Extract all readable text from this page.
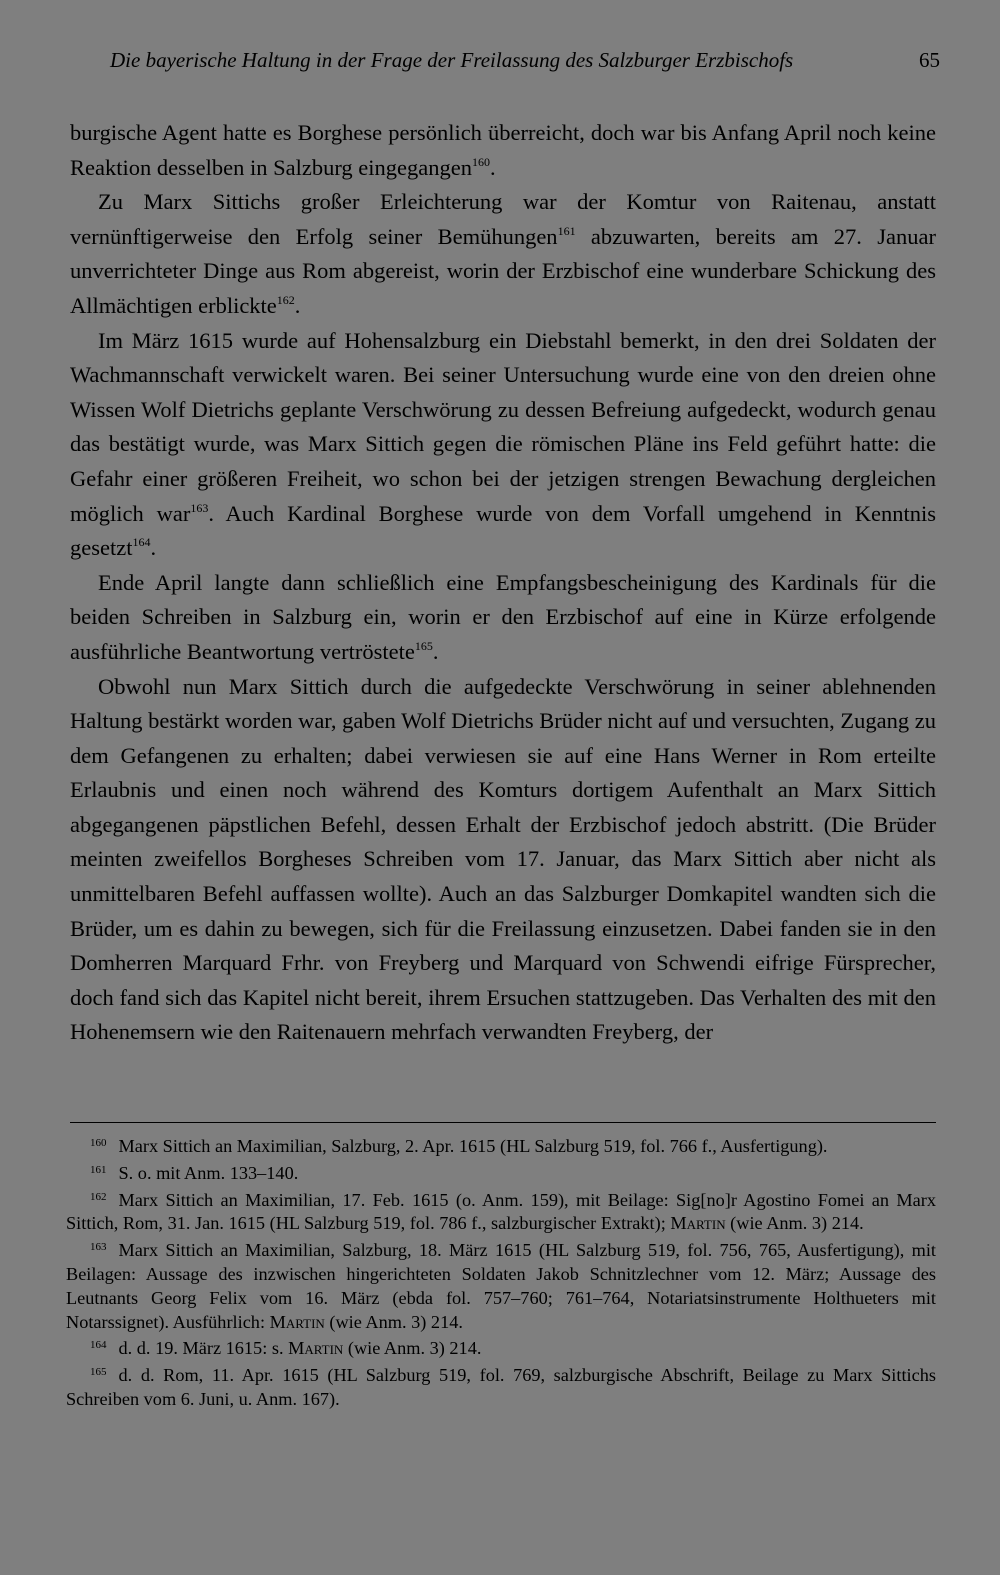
Die bayerische Haltung in der Frage der Freilassung des Salzburger Erzbischofs	65

burgische Agent hatte es Borghese persönlich überreicht, doch war bis Anfang April noch keine Reaktion desselben in Salzburg eingegangen$^{160}$.

Zu Marx Sittichs großer Erleichterung war der Komtur von Raitenau, anstatt vernünftigerweise den Erfolg seiner Bemühungen$^{161}$ abzuwarten, bereits am 27. Januar unverrichteter Dinge aus Rom abgereist, worin der Erzbischof eine wunderbare Schickung des Allmächtigen erblickte$^{162}$.

Im März 1615 wurde auf Hohensalzburg ein Diebstahl bemerkt, in den drei Soldaten der Wachmannschaft verwickelt waren. Bei seiner Untersuchung wurde eine von den dreien ohne Wissen Wolf Dietrichs geplante Verschwörung zu dessen Befreiung aufgedeckt, wodurch genau das bestätigt wurde, was Marx Sittich gegen die römischen Pläne ins Feld geführt hatte: die Gefahr einer größeren Freiheit, wo schon bei der jetzigen strengen Bewachung dergleichen möglich war$^{163}$. Auch Kardinal Borghese wurde von dem Vorfall umgehend in Kenntnis gesetzt$^{164}$.

Ende April langte dann schließlich eine Empfangsbescheinigung des Kardinals für die beiden Schreiben in Salzburg ein, worin er den Erzbischof auf eine in Kürze erfolgende ausführliche Beantwortung vertröstete$^{165}$.

Obwohl nun Marx Sittich durch die aufgedeckte Verschwörung in seiner ablehnenden Haltung bestärkt worden war, gaben Wolf Dietrichs Brüder nicht auf und versuchten, Zugang zu dem Gefangenen zu erhalten; dabei verwiesen sie auf eine Hans Werner in Rom erteilte Erlaubnis und einen noch während des Komturs dortigem Aufenthalt an Marx Sittich abgegangenen päpstlichen Befehl, dessen Erhalt der Erzbischof jedoch abstritt. (Die Brüder meinten zweifellos Borgheses Schreiben vom 17. Januar, das Marx Sittich aber nicht als unmittelbaren Befehl auffassen wollte). Auch an das Salzburger Domkapitel wandten sich die Brüder, um es dahin zu bewegen, sich für die Freilassung einzusetzen. Dabei fanden sie in den Domherren Marquard Frhr. von Freyberg und Marquard von Schwendi eifrige Fürsprecher, doch fand sich das Kapitel nicht bereit, ihrem Ersuchen stattzugeben. Das Verhalten des mit den Hohenemsern wie den Raitenauern mehrfach verwandten Freyberg, der

$^{160}$ Marx Sittich an Maximilian, Salzburg, 2. Apr. 1615 (HL Salzburg 519, fol. 766 f., Ausfertigung).

$^{161}$ S. o. mit Anm. 133–140.

$^{162}$ Marx Sittich an Maximilian, 17. Feb. 1615 (o. Anm. 159), mit Beilage: Sig[no]r Agostino Fomei an Marx Sittich, Rom, 31. Jan. 1615 (HL Salzburg 519, fol. 786 f., salzburgischer Extrakt); Martin (wie Anm. 3) 214.

$^{163}$ Marx Sittich an Maximilian, Salzburg, 18. März 1615 (HL Salzburg 519, fol. 756, 765, Ausfertigung), mit Beilagen: Aussage des inzwischen hingerichteten Soldaten Jakob Schnitzlechner vom 12. März; Aussage des Leutnants Georg Felix vom 16. März (ebda fol. 757–760; 761–764, Notariatsinstrumente Holthueters mit Notarssignet). Ausführlich: Martin (wie Anm. 3) 214.

$^{164}$ d. d. 19. März 1615: s. Martin (wie Anm. 3) 214.

$^{165}$ d. d. Rom, 11. Apr. 1615 (HL Salzburg 519, fol. 769, salzburgische Abschrift, Beilage zu Marx Sittichs Schreiben vom 6. Juni, u. Anm. 167).
